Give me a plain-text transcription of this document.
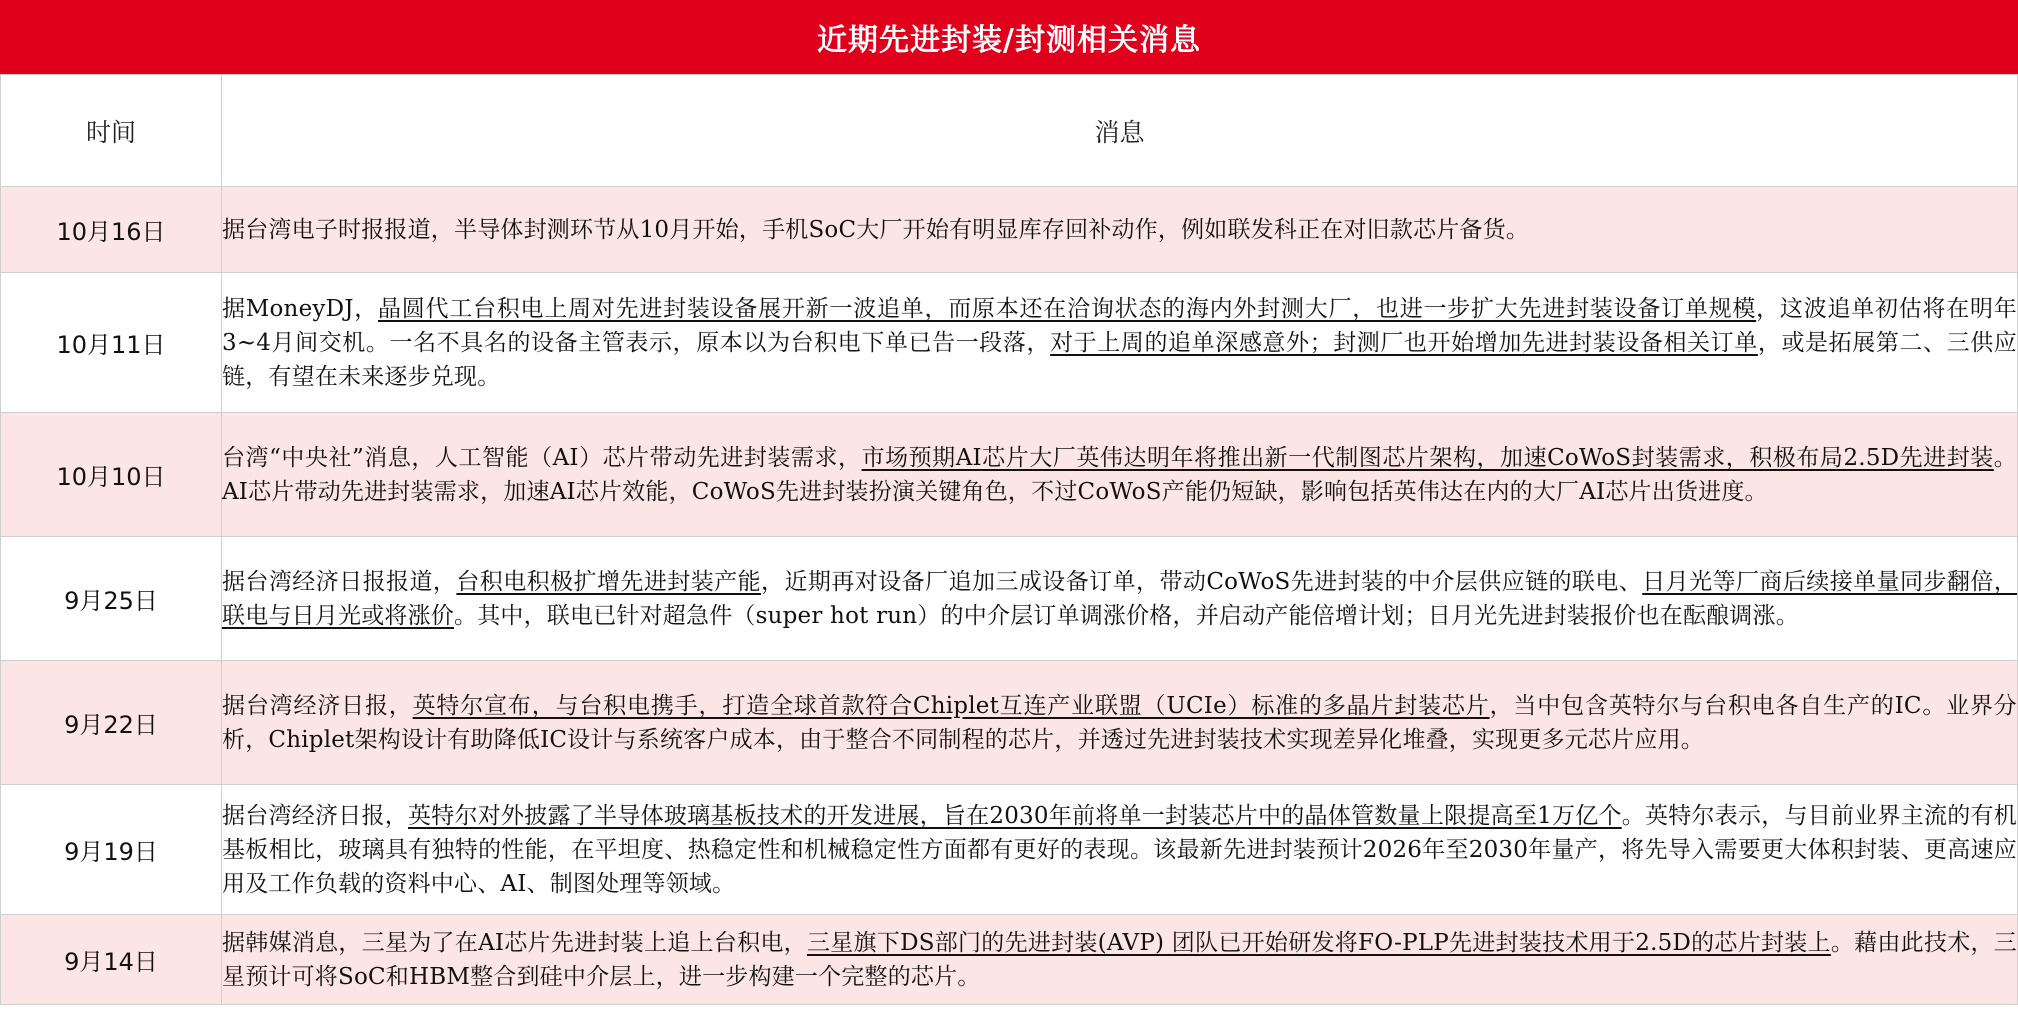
近期先进封装/封测相关消息
时间	消息
10月16日	据台湾电子时报报道，半导体封测环节从10月开始，手机SoC大厂开始有明显库存回补动作，例如联发科正在对旧款芯片备货。
10月11日	据MoneyDJ，晶圆代工台积电上周对先进封装设备展开新一波追单，而原本还在洽询状态的海内外封测大厂，也进一步扩大先进封装设备订单规模，这波追单初估将在明年3~4月间交机。一名不具名的设备主管表示，原本以为台积电下单已告一段落，对于上周的追单深感意外；封测厂也开始增加先进封装设备相关订单，或是拓展第二、三供应链，有望在未来逐步兑现。
10月10日	台湾“中央社”消息，人工智能（AI）芯片带动先进封装需求，市场预期AI芯片大厂英伟达明年将推出新一代制图芯片架构，加速CoWoS封装需求，积极布局2.5D先进封装。AI芯片带动先进封装需求，加速AI芯片效能，CoWoS先进封装扮演关键角色，不过CoWoS产能仍短缺，影响包括英伟达在内的大厂AI芯片出货进度。
9月25日	据台湾经济日报报道，台积电积极扩增先进封装产能，近期再对设备厂追加三成设备订单，带动CoWoS先进封装的中介层供应链的联电、日月光等厂商后续接单量同步翻倍，联电与日月光或将涨价。其中，联电已针对超急件（super hot run）的中介层订单调涨价格，并启动产能倍增计划；日月光先进封装报价也在酝酿调涨。
9月22日	据台湾经济日报，英特尔宣布，与台积电携手，打造全球首款符合Chiplet互连产业联盟（UCIe）标准的多晶片封装芯片，当中包含英特尔与台积电各自生产的IC。业界分析，Chiplet架构设计有助降低IC设计与系统客户成本，由于整合不同制程的芯片，并透过先进封装技术实现差异化堆叠，实现更多元芯片应用。
9月19日	据台湾经济日报，英特尔对外披露了半导体玻璃基板技术的开发进展，旨在2030年前将单一封装芯片中的晶体管数量上限提高至1万亿个。英特尔表示，与目前业界主流的有机基板相比，玻璃具有独特的性能，在平坦度、热稳定性和机械稳定性方面都有更好的表现。该最新先进封装预计2026年至2030年量产，将先导入需要更大体积封装、更高速应用及工作负载的资料中心、AI、制图处理等领域。
9月14日	据韩媒消息，三星为了在AI芯片先进封装上追上台积电，三星旗下DS部门的先进封装(AVP) 团队已开始研发将FO-PLP先进封装技术用于2.5D的芯片封装上。藉由此技术，三星预计可将SoC和HBM整合到硅中介层上，进一步构建一个完整的芯片。
